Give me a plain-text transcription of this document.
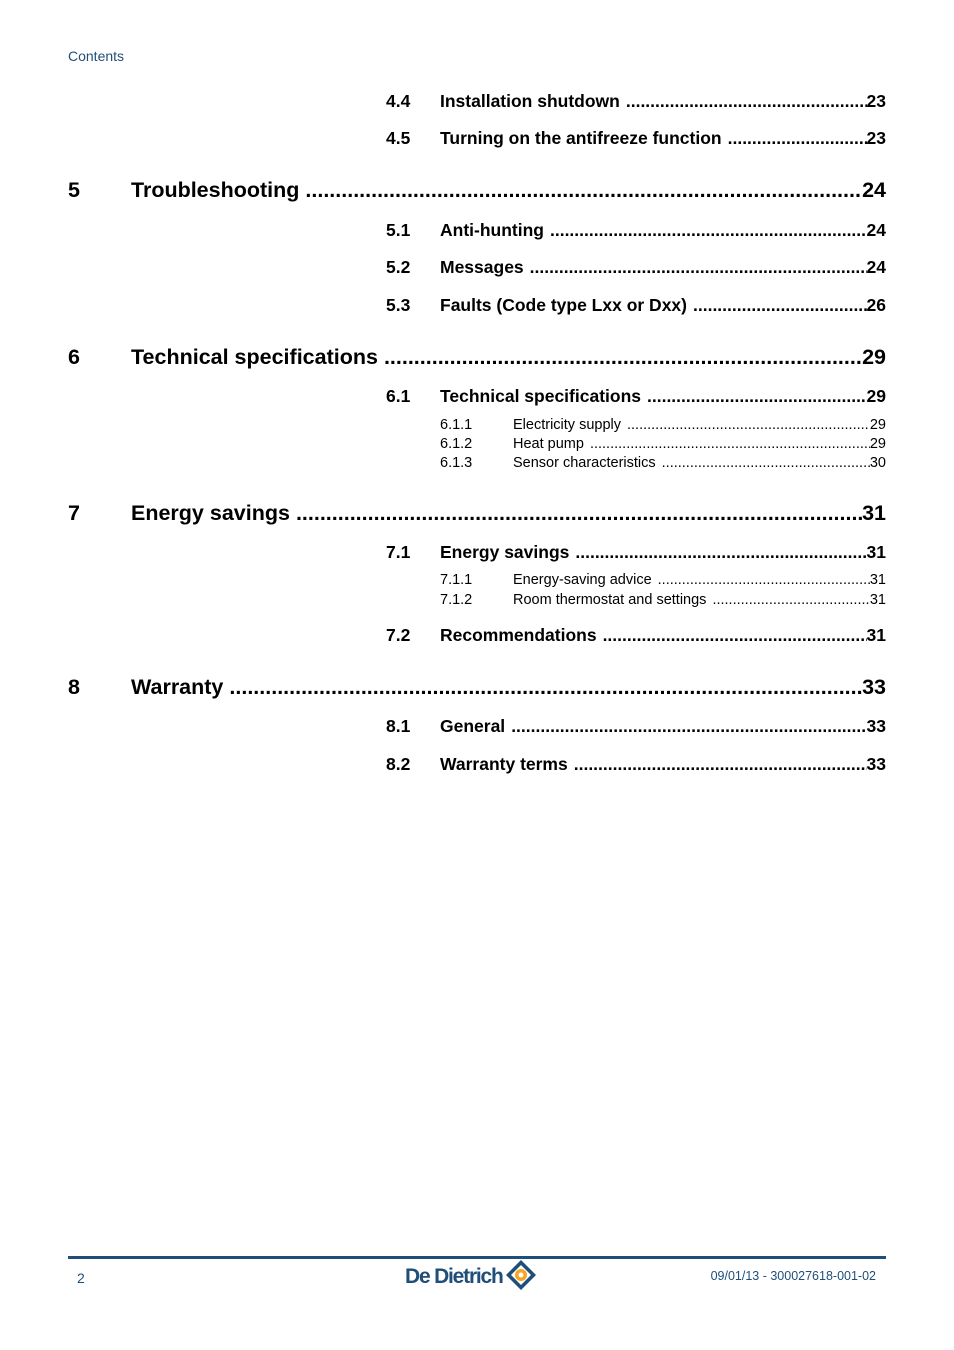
Contents
4.4	Installation shutdown .....	23
4.5	Turning on the antifreeze function .....	23
5	Troubleshooting .....	24
5.1	Anti-hunting .....	24
5.2	Messages .....	24
5.3	Faults (Code type Lxx or Dxx) .....	26
6	Technical specifications .....	29
6.1	Technical specifications .....	29
6.1.1	Electricity supply .....	29
6.1.2	Heat pump .....	29
6.1.3	Sensor characteristics .....	30
7	Energy savings .....	31
7.1	Energy savings .....	31
7.1.1	Energy-saving advice .....	31
7.1.2	Room thermostat and settings .....	31
7.2	Recommendations .....	31
8	Warranty .....	33
8.1	General .....	33
8.2	Warranty terms .....	33
2	De Dietrich	09/01/13 - 300027618-001-02
